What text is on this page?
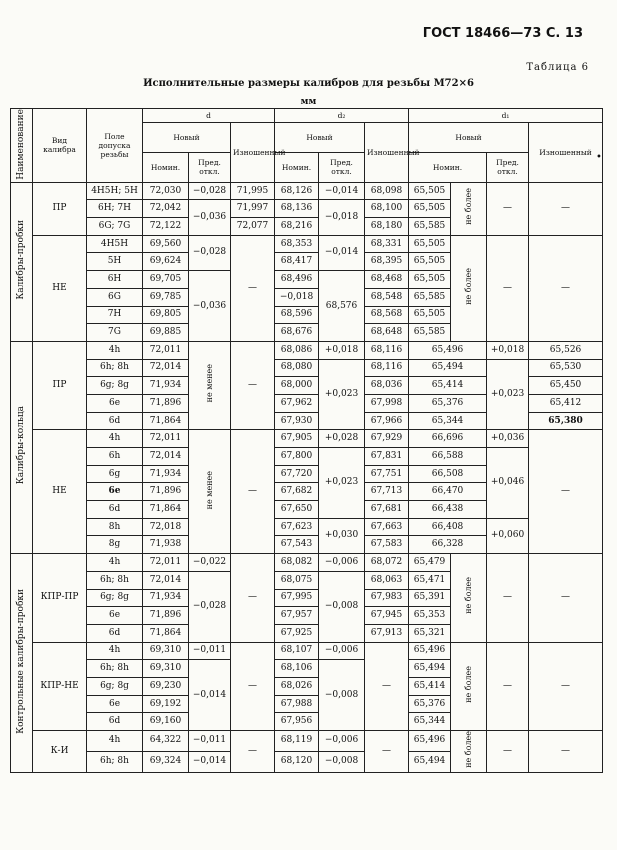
ГОСТ 18466—73 С. 13
Таблица 6
Исполнительные размеры калибров для резьбы М72×6
мм
•
Наименование	Вид калибра	Поле допуска резьбы	d			d₂			d₁			
			Новый		Изношенный	Новый		Изношенный	Новый			Изношенный
			Номин.	Пред. откл.		Номин.	Пред. откл.		Номин.		Пред. откл.	
Калибры-пробки	ПР	4H5H; 5H	72,030	−0,028	71,995	68,126	−0,014	68,098	65,505	не более	—	—
		6H; 7H	72,042	−0,036	71,997	68,136	−0,018	68,100	65,505			
		6G; 7G	72,122		72,077	68,216		68,180	65,585			
	НЕ	4H5H	69,560	−0,028	—	68,353	−0,014	68,331	65,505	не более	—	—
		5H	69,624			68,417		68,395	65,505			
		6H	69,705	−0,036		68,496	68,576	68,468	65,505			
		6G	69,785			−0,018		68,548	65,585			
		7H	69,805			68,596		68,568	65,505			
		7G	69,885			68,676		68,648	65,585			
Калибры-кольца	ПР	4h	72,011	не менее	—	68,086	+0,018	68,116	65,496		+0,018	65,526
		6h; 8h	72,014			68,080	+0,023	68,116	65,494		+0,023	65,530
		6g; 8g	71,934			68,000		68,036	65,414			65,450
		6e	71,896			67,962		67,998	65,376			65,412
		6d	71,864			67,930		67,966	65,344			65,380
	НЕ	4h	72,011	не менее	—	67,905	+0,028	67,929	66,696		+0,036	—
		6h	72,014			67,800	+0,023	67,831	66,588		+0,046	
		6g	71,934			67,720		67,751	66,508			
		6e	71,896			67,682		67,713	66,470			
		6d	71,864			67,650		67,681	66,438			
		8h	72,018			67,623	+0,030	67,663	66,408		+0,060	
		8g	71,938			67,543		67,583	66,328			
Контрольные калибры-пробки	КПР-ПР	4h	72,011	−0,022	—	68,082	−0,006	68,072	65,479	не более	—	—
		6h; 8h	72,014	−0,028		68,075	−0,008	68,063	65,471			
		6g; 8g	71,934			67,995		67,983	65,391			
		6e	71,896			67,957		67,945	65,353			
		6d	71,864			67,925		67,913	65,321			
	КПР-НЕ	4h	69,310	−0,011	—	68,107	−0,006	—	65,496	не более	—	—
		6h; 8h	69,310	−0,014		68,106	−0,008		65,494			
		6g; 8g	69,230			68,026			65,414			
		6e	69,192			67,988			65,376			
		6d	69,160			67,956			65,344			
	К-И	4h	64,322	−0,011	—	68,119	−0,006	—	65,496	не более	—	—
		6h; 8h	69,324	−0,014		68,120	−0,008		65,494			
